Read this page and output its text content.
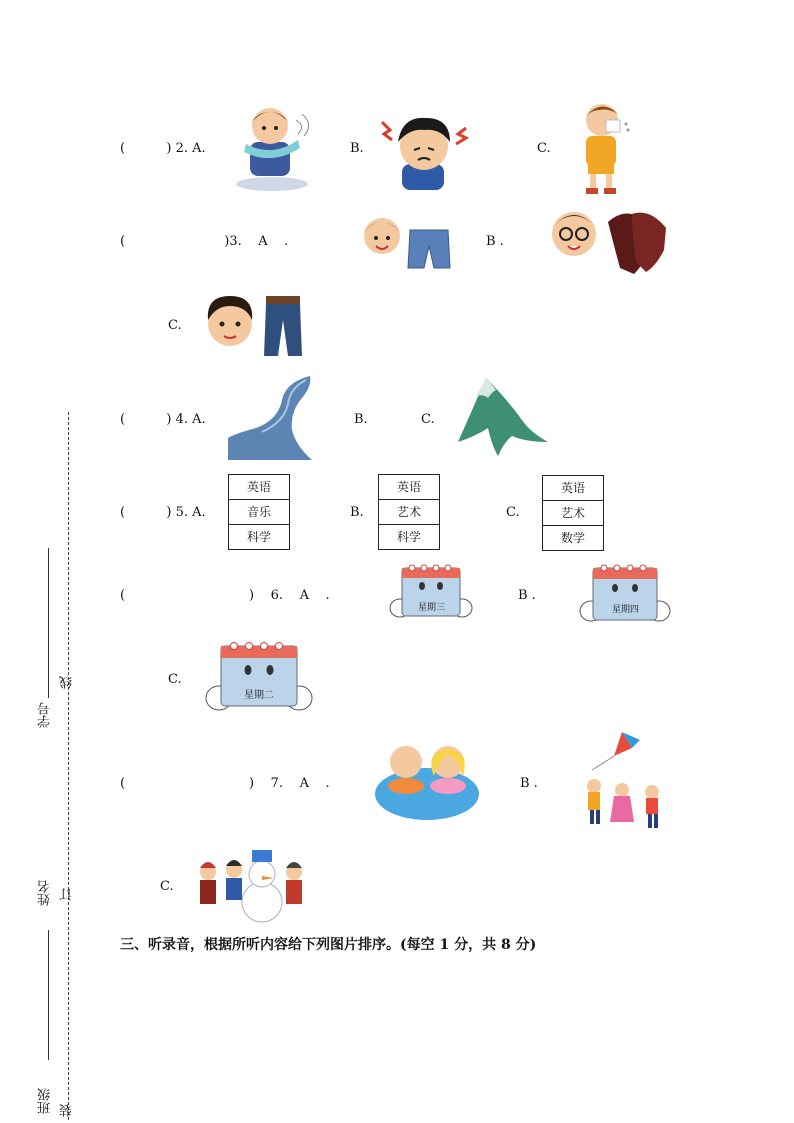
学号
姓名
班级
线
订
装
(          ) 2. A.	B.	C.
(                        )3.    A    .	B .
C.
(          ) 4. A.	B.	C.
(          ) 5. A.
英语
音乐
科学
B.
英语
艺术
科学
C.
英语
艺术
数学
(                              )    6.    A    .
星期三
B .
星期四
C.
星期二
(                              )    7.    A    .	B .
C.
三、听录音，根据所听内容给下列图片排序。(每空 1 分，共 8 分)
